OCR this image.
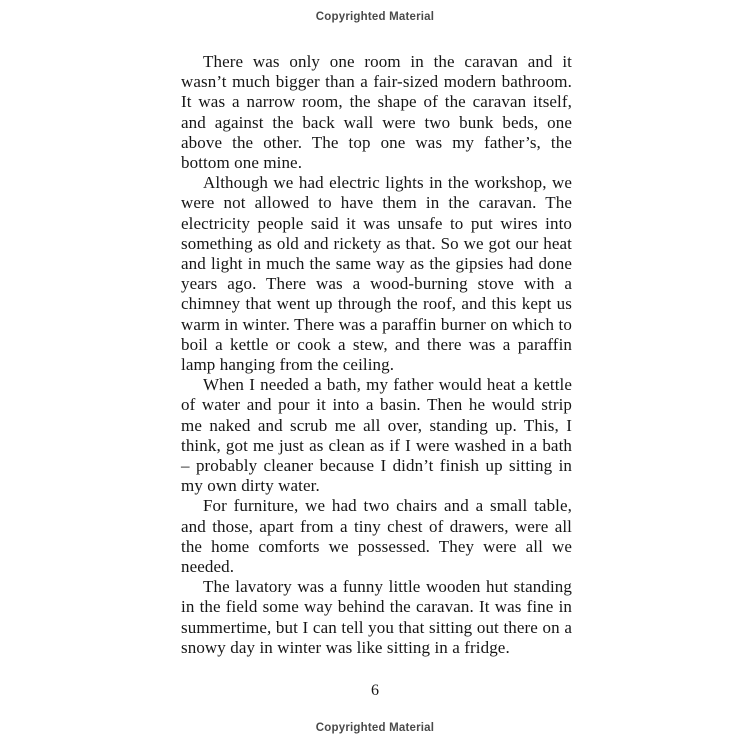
Copyrighted Material

There was only one room in the caravan and it wasn’t much bigger than a fair-sized modern bathroom. It was a narrow room, the shape of the caravan itself, and against the back wall were two bunk beds, one above the other. The top one was my father’s, the bottom one mine.

Although we had electric lights in the workshop, we were not allowed to have them in the caravan. The electricity people said it was unsafe to put wires into something as old and rickety as that. So we got our heat and light in much the same way as the gipsies had done years ago. There was a wood-burning stove with a chimney that went up through the roof, and this kept us warm in winter. There was a paraffin burner on which to boil a kettle or cook a stew, and there was a paraffin lamp hanging from the ceiling.

When I needed a bath, my father would heat a kettle of water and pour it into a basin. Then he would strip me naked and scrub me all over, standing up. This, I think, got me just as clean as if I were washed in a bath – probably cleaner because I didn’t finish up sitting in my own dirty water.

For furniture, we had two chairs and a small table, and those, apart from a tiny chest of drawers, were all the home comforts we possessed. They were all we needed.

The lavatory was a funny little wooden hut standing in the field some way behind the caravan. It was fine in summertime, but I can tell you that sitting out there on a snowy day in winter was like sitting in a fridge.

6
Copyrighted Material
